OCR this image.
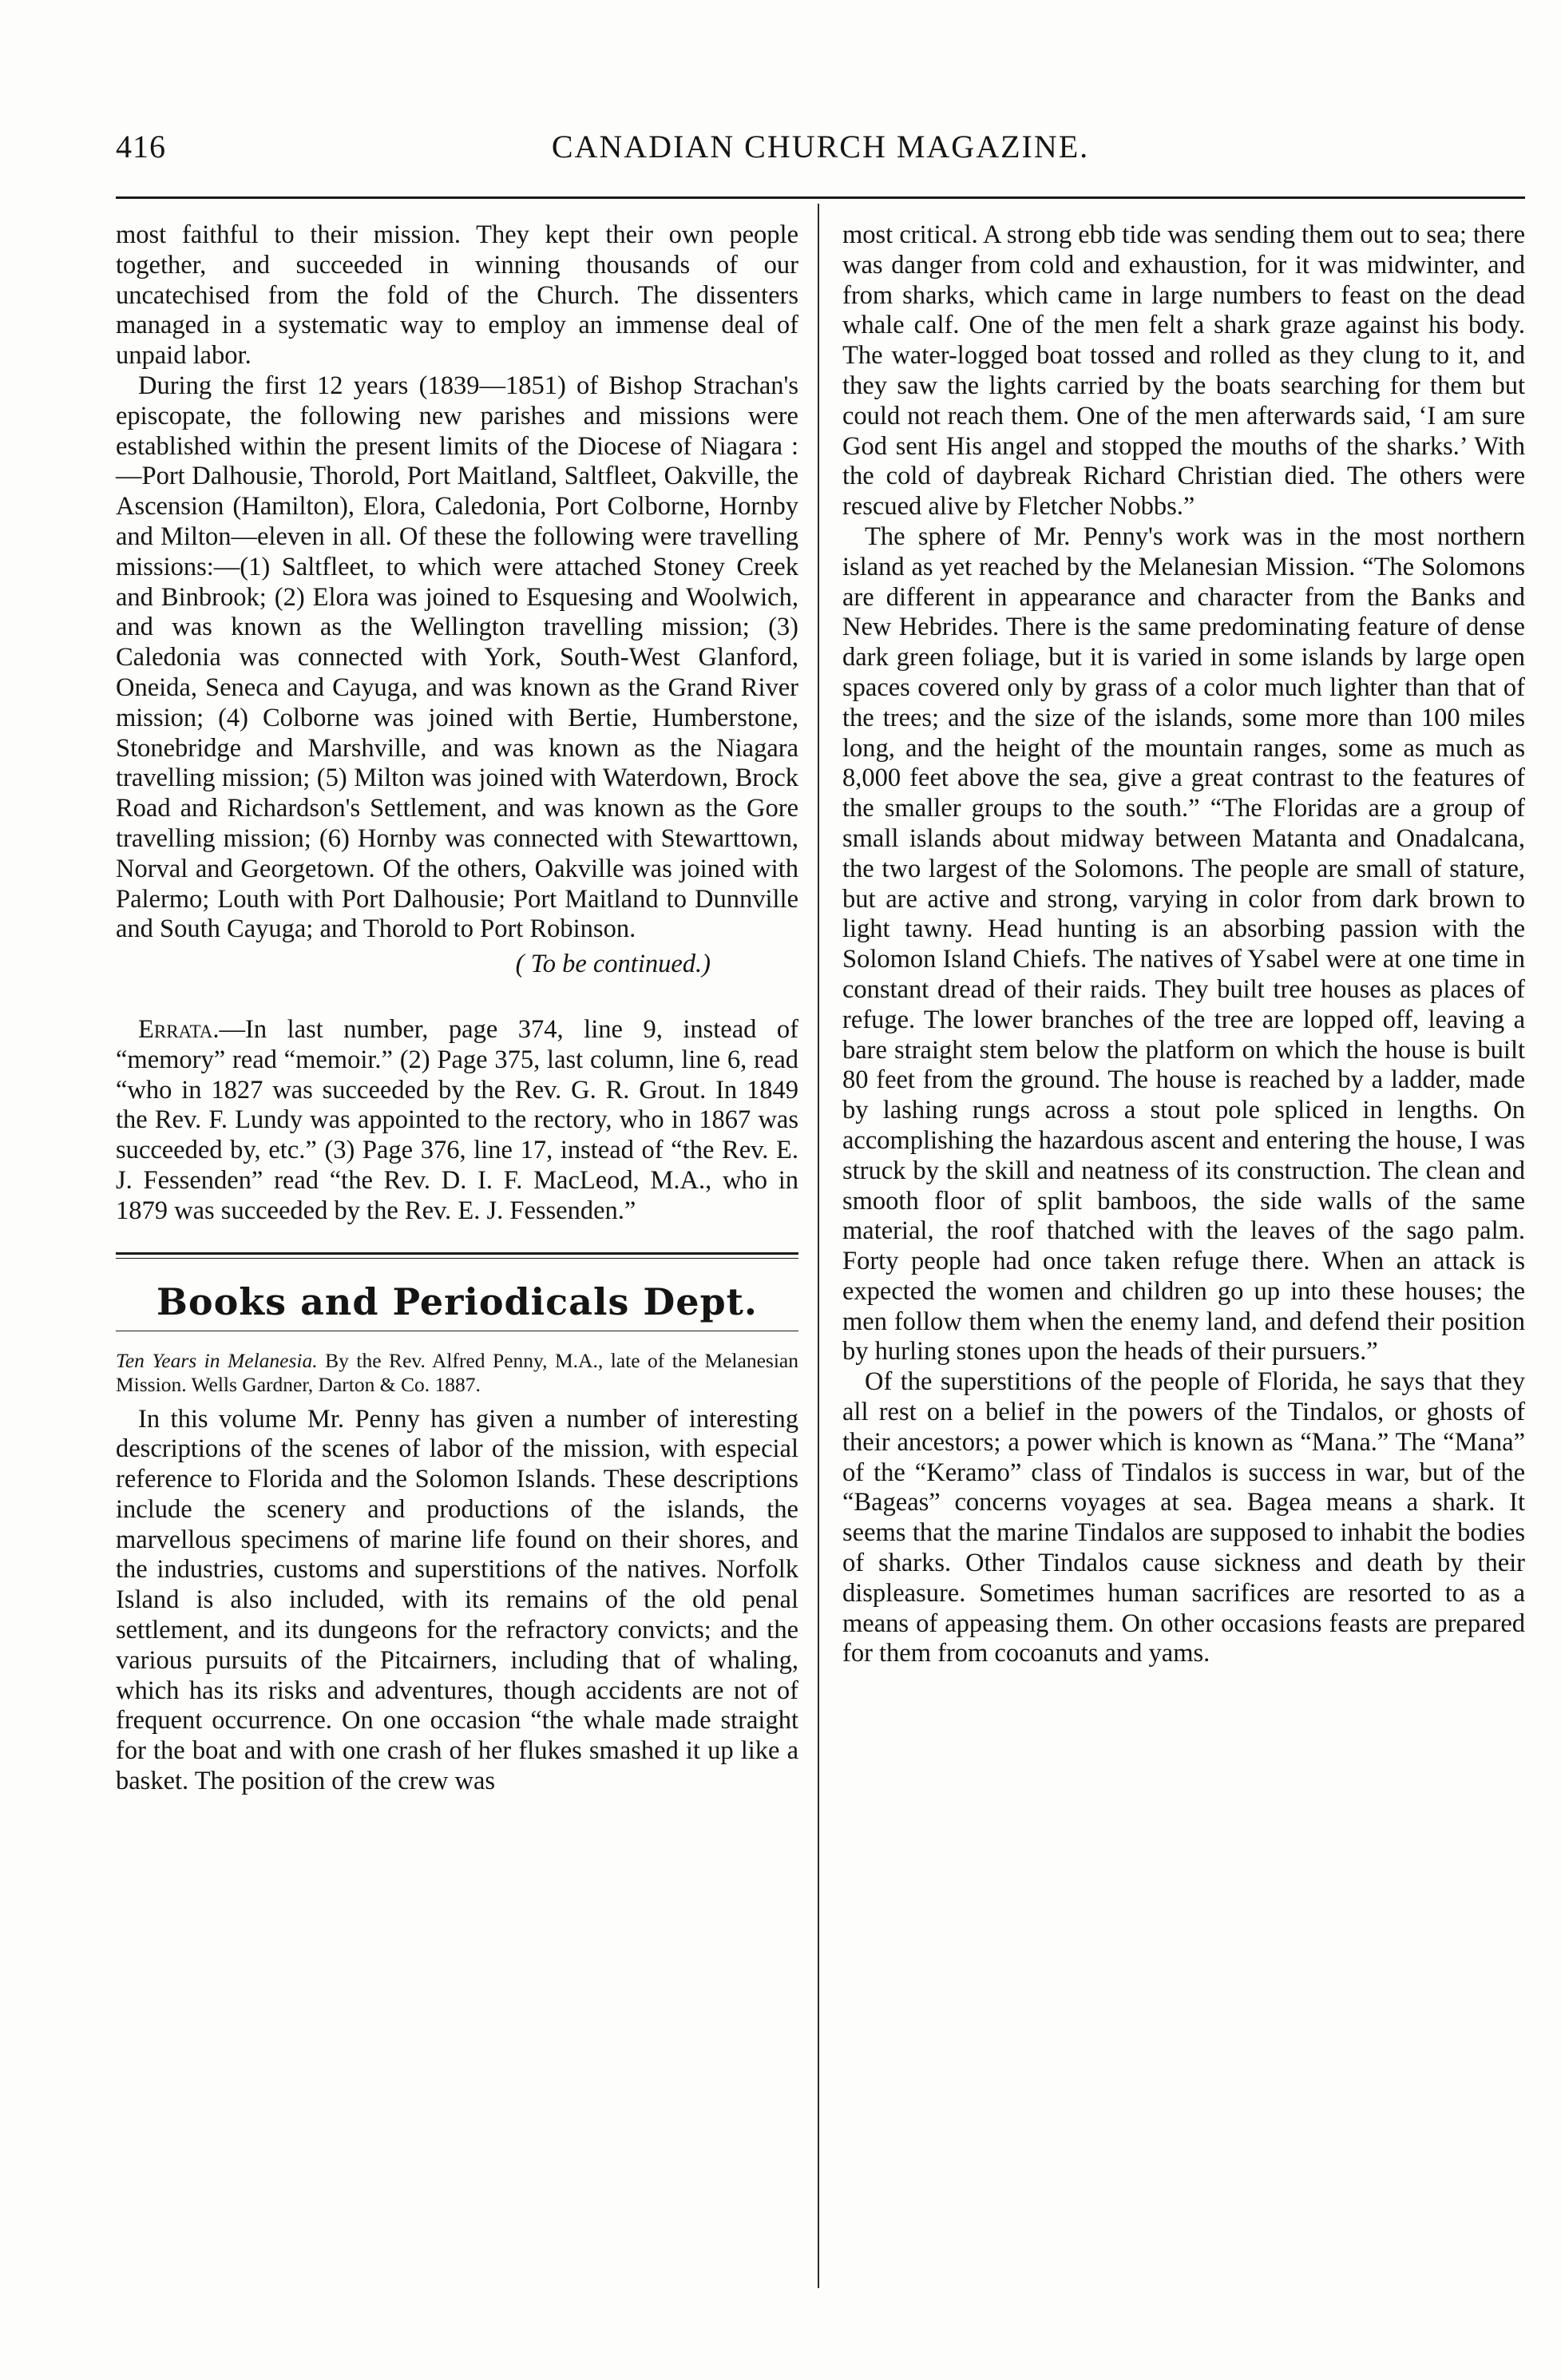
416	CANADIAN CHURCH MAGAZINE.

most faithful to their mission. They kept their own people together, and succeeded in winning thousands of our uncatechised from the fold of the Church. The dissenters managed in a systematic way to employ an immense deal of unpaid labor.

During the first 12 years (1839—1851) of Bishop Strachan's episcopate, the following new parishes and missions were established within the present limits of the Diocese of Niagara :—Port Dalhousie, Thorold, Port Maitland, Saltfleet, Oakville, the Ascension (Hamilton), Elora, Caledonia, Port Colborne, Hornby and Milton—eleven in all. Of these the following were travelling missions:—(1) Saltfleet, to which were attached Stoney Creek and Binbrook; (2) Elora was joined to Esquesing and Woolwich, and was known as the Wellington travelling mission; (3) Caledonia was connected with York, South-West Glanford, Oneida, Seneca and Cayuga, and was known as the Grand River mission; (4) Colborne was joined with Bertie, Humberstone, Stonebridge and Marshville, and was known as the Niagara travelling mission; (5) Milton was joined with Waterdown, Brock Road and Richardson's Settlement, and was known as the Gore travelling mission; (6) Hornby was connected with Stewarttown, Norval and Georgetown. Of the others, Oakville was joined with Palermo; Louth with Port Dalhousie; Port Maitland to Dunnville and South Cayuga; and Thorold to Port Robinson.

( To be continued.)

Errata.—In last number, page 374, line 9, instead of “memory” read “memoir.” (2) Page 375, last column, line 6, read “who in 1827 was succeeded by the Rev. G. R. Grout. In 1849 the Rev. F. Lundy was appointed to the rectory, who in 1867 was succeeded by, etc.” (3) Page 376, line 17, instead of “the Rev. E. J. Fessenden” read “the Rev. D. I. F. MacLeod, M.A., who in 1879 was succeeded by the Rev. E. J. Fessenden.”

Books and Periodicals Dept.

Ten Years in Melanesia. By the Rev. Alfred Penny, M.A., late of the Melanesian Mission. Wells Gardner, Darton & Co. 1887.

In this volume Mr. Penny has given a number of interesting descriptions of the scenes of labor of the mission, with especial reference to Florida and the Solomon Islands. These descriptions include the scenery and productions of the islands, the marvellous specimens of marine life found on their shores, and the industries, customs and superstitions of the natives. Norfolk Island is also included, with its remains of the old penal settlement, and its dungeons for the refractory convicts; and the various pursuits of the Pitcairners, including that of whaling, which has its risks and adventures, though accidents are not of frequent occurrence. On one occasion “the whale made straight for the boat and with one crash of her flukes smashed it up like a basket. The position of the crew was

most critical. A strong ebb tide was sending them out to sea; there was danger from cold and exhaustion, for it was midwinter, and from sharks, which came in large numbers to feast on the dead whale calf. One of the men felt a shark graze against his body. The water-logged boat tossed and rolled as they clung to it, and they saw the lights carried by the boats searching for them but could not reach them. One of the men afterwards said, ‘I am sure God sent His angel and stopped the mouths of the sharks.’ With the cold of daybreak Richard Christian died. The others were rescued alive by Fletcher Nobbs.”

The sphere of Mr. Penny's work was in the most northern island as yet reached by the Melanesian Mission. “The Solomons are different in appearance and character from the Banks and New Hebrides. There is the same predominating feature of dense dark green foliage, but it is varied in some islands by large open spaces covered only by grass of a color much lighter than that of the trees; and the size of the islands, some more than 100 miles long, and the height of the mountain ranges, some as much as 8,000 feet above the sea, give a great contrast to the features of the smaller groups to the south.” “The Floridas are a group of small islands about midway between Matanta and Onadalcana, the two largest of the Solomons. The people are small of stature, but are active and strong, varying in color from dark brown to light tawny. Head hunting is an absorbing passion with the Solomon Island Chiefs. The natives of Ysabel were at one time in constant dread of their raids. They built tree houses as places of refuge. The lower branches of the tree are lopped off, leaving a bare straight stem below the platform on which the house is built 80 feet from the ground. The house is reached by a ladder, made by lashing rungs across a stout pole spliced in lengths. On accomplishing the hazardous ascent and entering the house, I was struck by the skill and neatness of its construction. The clean and smooth floor of split bamboos, the side walls of the same material, the roof thatched with the leaves of the sago palm. Forty people had once taken refuge there. When an attack is expected the women and children go up into these houses; the men follow them when the enemy land, and defend their position by hurling stones upon the heads of their pursuers.”

Of the superstitions of the people of Florida, he says that they all rest on a belief in the powers of the Tindalos, or ghosts of their ancestors; a power which is known as “Mana.” The “Mana” of the “Keramo” class of Tindalos is success in war, but of the “Bageas” concerns voyages at sea. Bagea means a shark. It seems that the marine Tindalos are supposed to inhabit the bodies of sharks. Other Tindalos cause sickness and death by their displeasure. Sometimes human sacrifices are resorted to as a means of appeasing them. On other occasions feasts are prepared for them from cocoanuts and yams.
